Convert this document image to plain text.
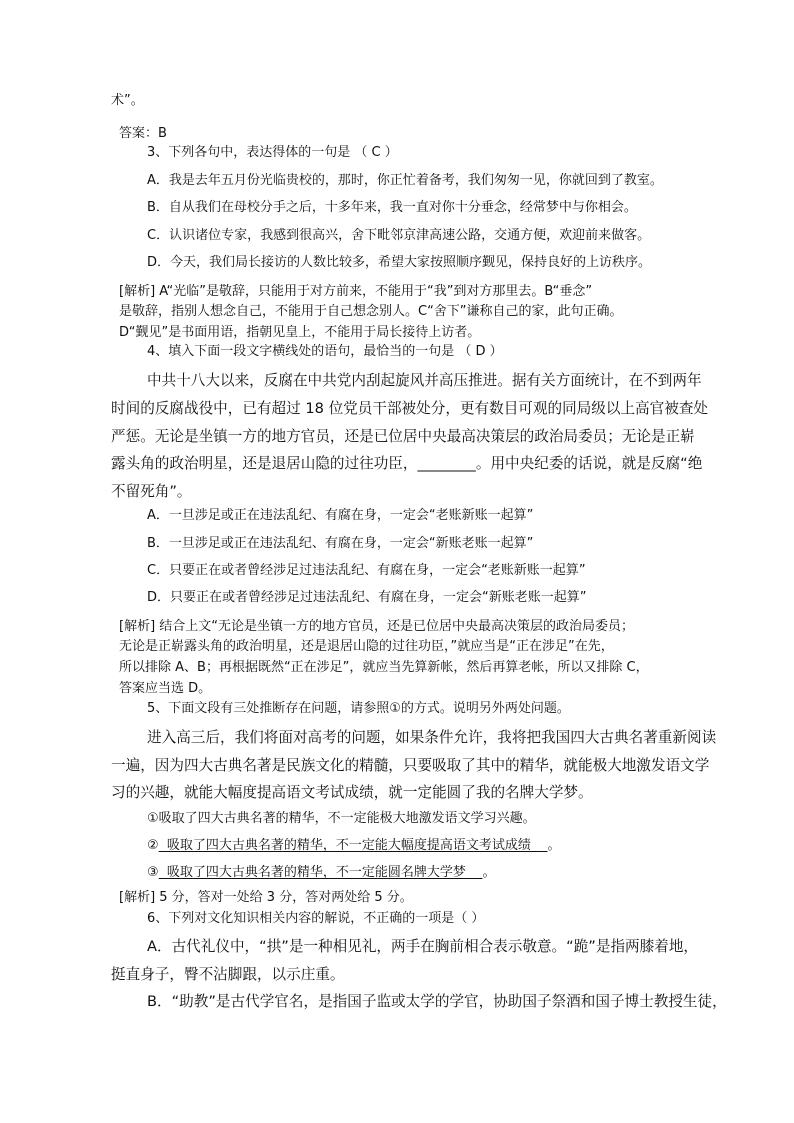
术”。
答案：B
3、下列各句中，表达得体的一句是 （ C ）
A．我是去年五月份光临贵校的，那时，你正忙着备考，我们匆匆一见，你就回到了教室。
B．自从我们在母校分手之后，十多年来，我一直对你十分垂念，经常梦中与你相会。
C．认识诸位专家，我感到很高兴，舍下毗邻京津高速公路，交通方便，欢迎前来做客。
D．今天，我们局长接访的人数比较多，希望大家按照顺序觐见，保持良好的上访秩序。
[解析] A“光临”是敬辞，只能用于对方前来，不能用于“我”到对方那里去。B“垂念”
是敬辞，指别人想念自己，不能用于自己想念别人。C“舍下”谦称自己的家，此句正确。
D“觐见”是书面用语，指朝见皇上，不能用于局长接待上访者。
4、填入下面一段文字横线处的语句，最恰当的一句是 （ D ）
中共十八大以来，反腐在中共党内刮起旋风并高压推进。据有关方面统计，在不到两年
时间的反腐战役中，已有超过 18 位党员干部被处分，更有数目可观的同局级以上高官被查处
严惩。无论是坐镇一方的地方官员，还是已位居中央最高决策层的政治局委员；无论是正崭
露头角的政治明星，还是退居山隐的过往功臣，________。用中央纪委的话说，就是反腐“绝
不留死角”。
A．一旦涉足或正在违法乱纪、有腐在身，一定会“老账新账一起算”
B．一旦涉足或正在违法乱纪、有腐在身，一定会“新账老账一起算”
C．只要正在或者曾经涉足过违法乱纪、有腐在身，一定会“老账新账一起算”
D．只要正在或者曾经涉足过违法乱纪、有腐在身，一定会“新账老账一起算”
[解析] 结合上文“无论是坐镇一方的地方官员，还是已位居中央最高决策层的政治局委员；
无论是正崭露头角的政治明星，还是退居山隐的过往功臣，”就应当是“正在涉足”在先，
所以排除 A、B；再根据既然“正在涉足”，就应当先算新帐，然后再算老帐，所以又排除 C，
答案应当选 D。
5、下面文段有三处推断存在问题，请参照①的方式。说明另外两处问题。
进入高三后，我们将面对高考的问题，如果条件允许，我将把我国四大古典名著重新阅读
一遍，因为四大古典名著是民族文化的精髓，只要吸取了其中的精华，就能极大地激发语文学
习的兴趣，就能大幅度提高语文考试成绩，就一定能圆了我的名牌大学梦。
①吸取了四大古典名著的精华，不一定能极大地激发语文学习兴趣。
②  吸取了四大古典名著的精华，不一定能大幅度提高语文考试成绩    。
③  吸取了四大古典名著的精华，不一定能圆名牌大学梦    。
[解析] 5 分，答对一处给 3 分，答对两处给 5 分。
6、下列对文化知识相关内容的解说，不正确的一项是（ ）
A．古代礼仪中，“拱”是一种相见礼，两手在胸前相合表示敬意。“跪”是指两膝着地，
挺直身子，臀不沾脚跟，以示庄重。
B．“助教”是古代学官名，是指国子监或太学的学官，协助国子祭酒和国子博士教授生徒，
